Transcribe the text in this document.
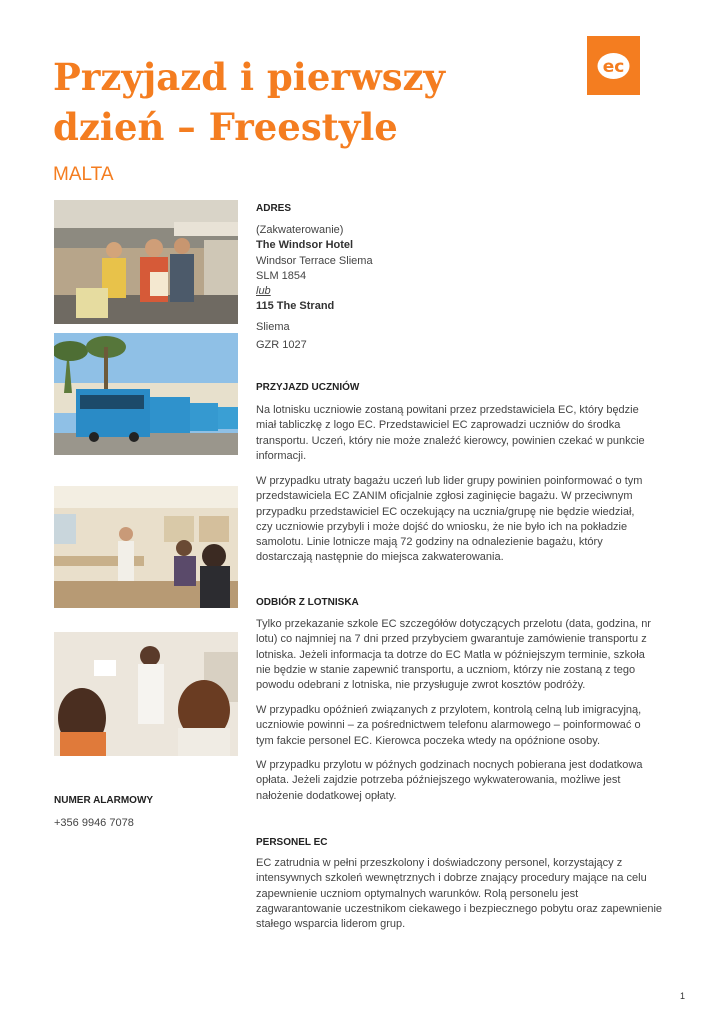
Przyjazd i pierwszy
dzień – Freestyle
ec
MALTA
NUMER ALARMOWY
+356 9946 7078
ADRES
(Zakwaterowanie)
The Windsor Hotel
Windsor Terrace Sliema
SLM 1854
lub
115 The Strand
Sliema
GZR 1027
PRZYJAZD UCZNIÓW
Na lotnisku uczniowie zostaną powitani przez przedstawiciela EC, który będzie
miał tabliczkę z logo EC. Przedstawiciel EC zaprowadzi uczniów do środka
transportu. Uczeń, który nie może znaleźć kierowcy, powinien czekać w punkcie
informacji.
W przypadku utraty bagażu uczeń lub lider grupy powinien poinformować o tym
przedstawiciela EC ZANIM oficjalnie zgłosi zaginięcie bagażu. W przeciwnym
przypadku przedstawiciel EC oczekujący na ucznia/grupę nie będzie wiedział,
czy uczniowie przybyli i może dojść do wniosku, że nie było ich na pokładzie
samolotu. Linie lotnicze mają 72 godziny na odnalezienie bagażu, który
dostarczają następnie do miejsca zakwaterowania.
ODBIÓR Z LOTNISKA
Tylko przekazanie szkole EC szczegółów dotyczących przelotu (data, godzina, nr
lotu) co najmniej na 7 dni przed przybyciem gwarantuje zamówienie transportu z
lotniska. Jeżeli informacja ta dotrze do EC Matla w późniejszym terminie, szkoła
nie będzie w stanie zapewnić transportu, a uczniom, którzy nie zostaną z tego
powodu odebrani z lotniska, nie przysługuje zwrot kosztów podróży.
W przypadku opóźnień związanych z przylotem, kontrolą celną lub imigracyjną,
uczniowie powinni – za pośrednictwem telefonu alarmowego – poinformować o
tym fakcie personel EC. Kierowca poczeka wtedy na opóźnione osoby.
W przypadku przylotu w późnych godzinach nocnych pobierana jest dodatkowa
opłata. Jeżeli zajdzie potrzeba późniejszego wykwaterowania, możliwe jest
nałożenie dodatkowej opłaty.
PERSONEL EC
EC zatrudnia w pełni przeszkolony i doświadczony personel, korzystający z
intensywnych szkoleń wewnętrznych i dobrze znający procedury mające na celu
zapewnienie uczniom optymalnych warunków. Rolą personelu jest
zagwarantowanie uczestnikom ciekawego i bezpiecznego pobytu oraz zapewnienie
stałego wsparcia liderom grup.
1
